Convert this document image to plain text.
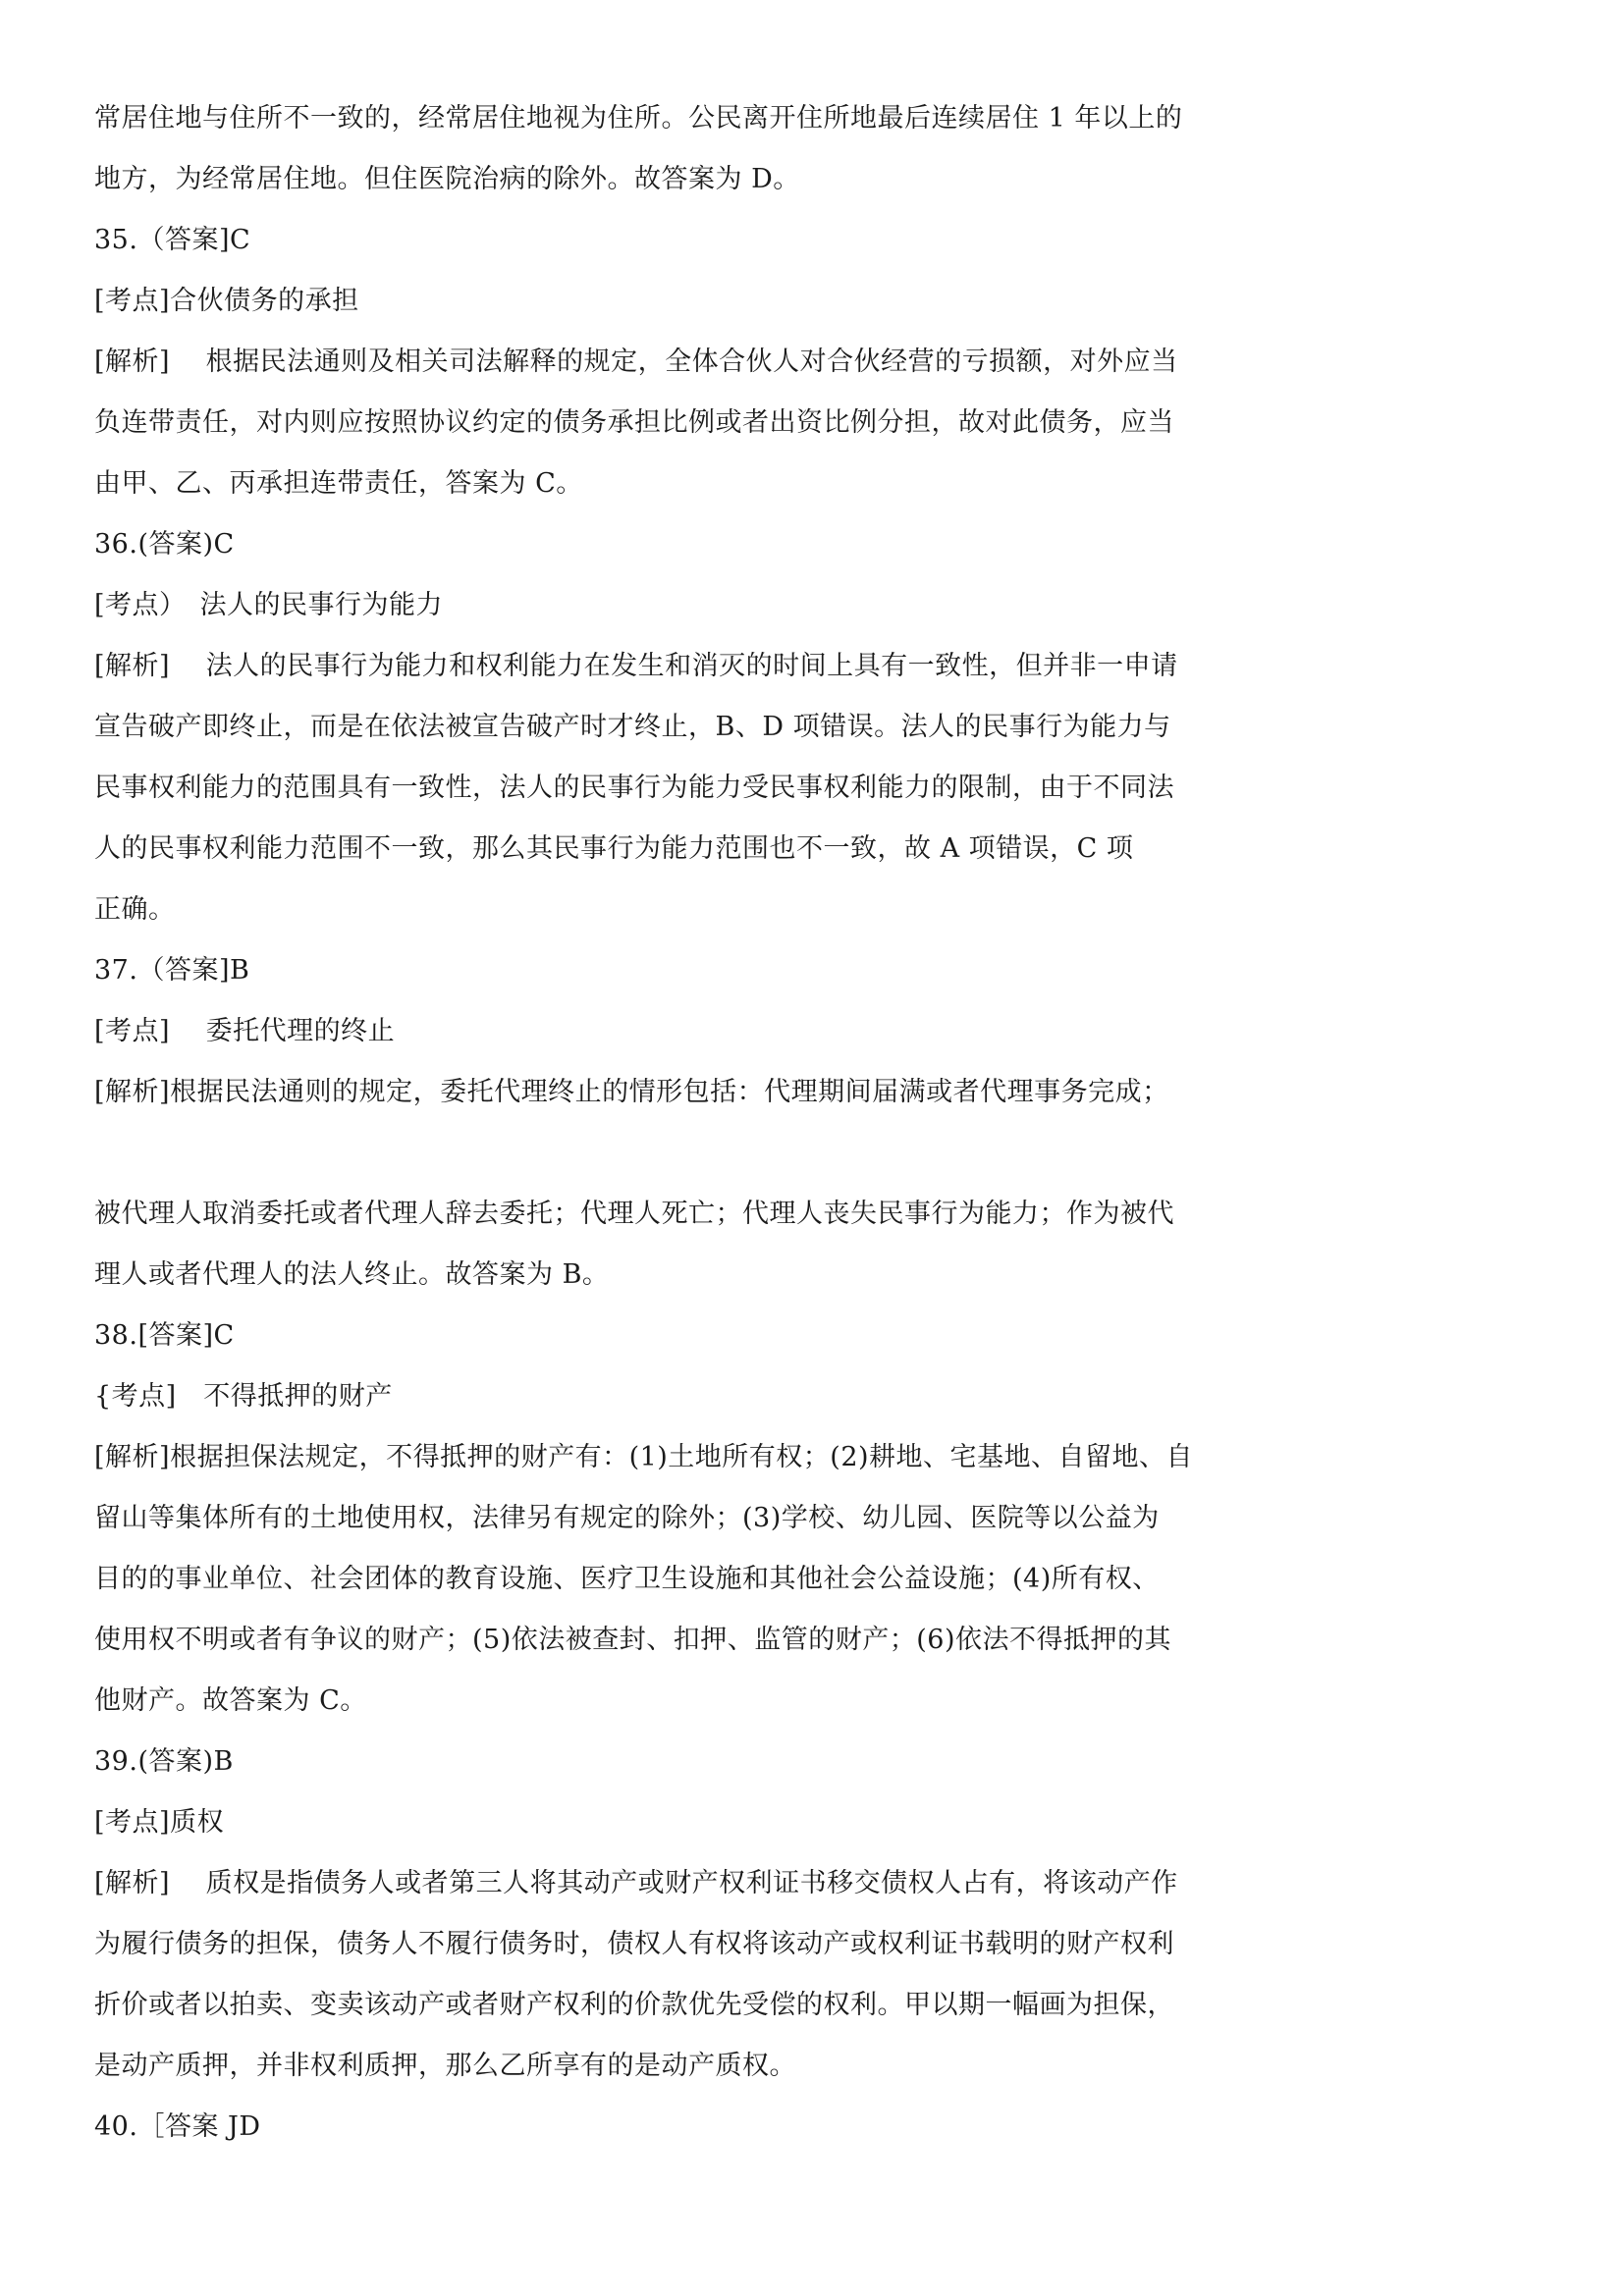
常居住地与住所不一致的，经常居住地视为住所。公民离开住所地最后连续居住 1 年以上的
地方，为经常居住地。但住医院治病的除外。故答案为 D。
35.（答案]C
[考点]合伙债务的承担
[解析]　 根据民法通则及相关司法解释的规定，全体合伙人对合伙经营的亏损额，对外应当
负连带责任，对内则应按照协议约定的债务承担比例或者出资比例分担，故对此债务，应当
由甲、乙、丙承担连带责任，答案为 C。
36.(答案)C
[考点）　法人的民事行为能力
[解析]　 法人的民事行为能力和权利能力在发生和消灭的时间上具有一致性，但并非一申请
宣告破产即终止，而是在依法被宣告破产时才终止，B、D 项错误。法人的民事行为能力与
民事权利能力的范围具有一致性，法人的民事行为能力受民事权利能力的限制，由于不同法
人的民事权利能力范围不一致，那么其民事行为能力范围也不一致，故 A 项错误，C 项
正确。
37.（答案]B
[考点]　 委托代理的终止
[解析]根据民法通则的规定，委托代理终止的情形包括：代理期间届满或者代理事务完成；
被代理人取消委托或者代理人辞去委托；代理人死亡；代理人丧失民事行为能力；作为被代
理人或者代理人的法人终止。故答案为 B。
38.[答案]C
{考点]　不得抵押的财产
[解析]根据担保法规定，不得抵押的财产有：(1)土地所有权；(2)耕地、宅基地、自留地、自
留山等集体所有的土地使用权，法律另有规定的除外；(3)学校、幼儿园、医院等以公益为
目的的事业单位、社会团体的教育设施、医疗卫生设施和其他社会公益设施；(4)所有权、
使用权不明或者有争议的财产；(5)依法被查封、扣押、监管的财产；(6)依法不得抵押的其
他财产。故答案为 C。
39.(答案)B
[考点]质权
[解析]　 质权是指债务人或者第三人将其动产或财产权利证书移交债权人占有，将该动产作
为履行债务的担保，债务人不履行债务时，债权人有权将该动产或权利证书载明的财产权利
折价或者以拍卖、变卖该动产或者财产权利的价款优先受偿的权利。甲以期一幅画为担保，
是动产质押，并非权利质押，那么乙所享有的是动产质权。
40.［答案 JD
